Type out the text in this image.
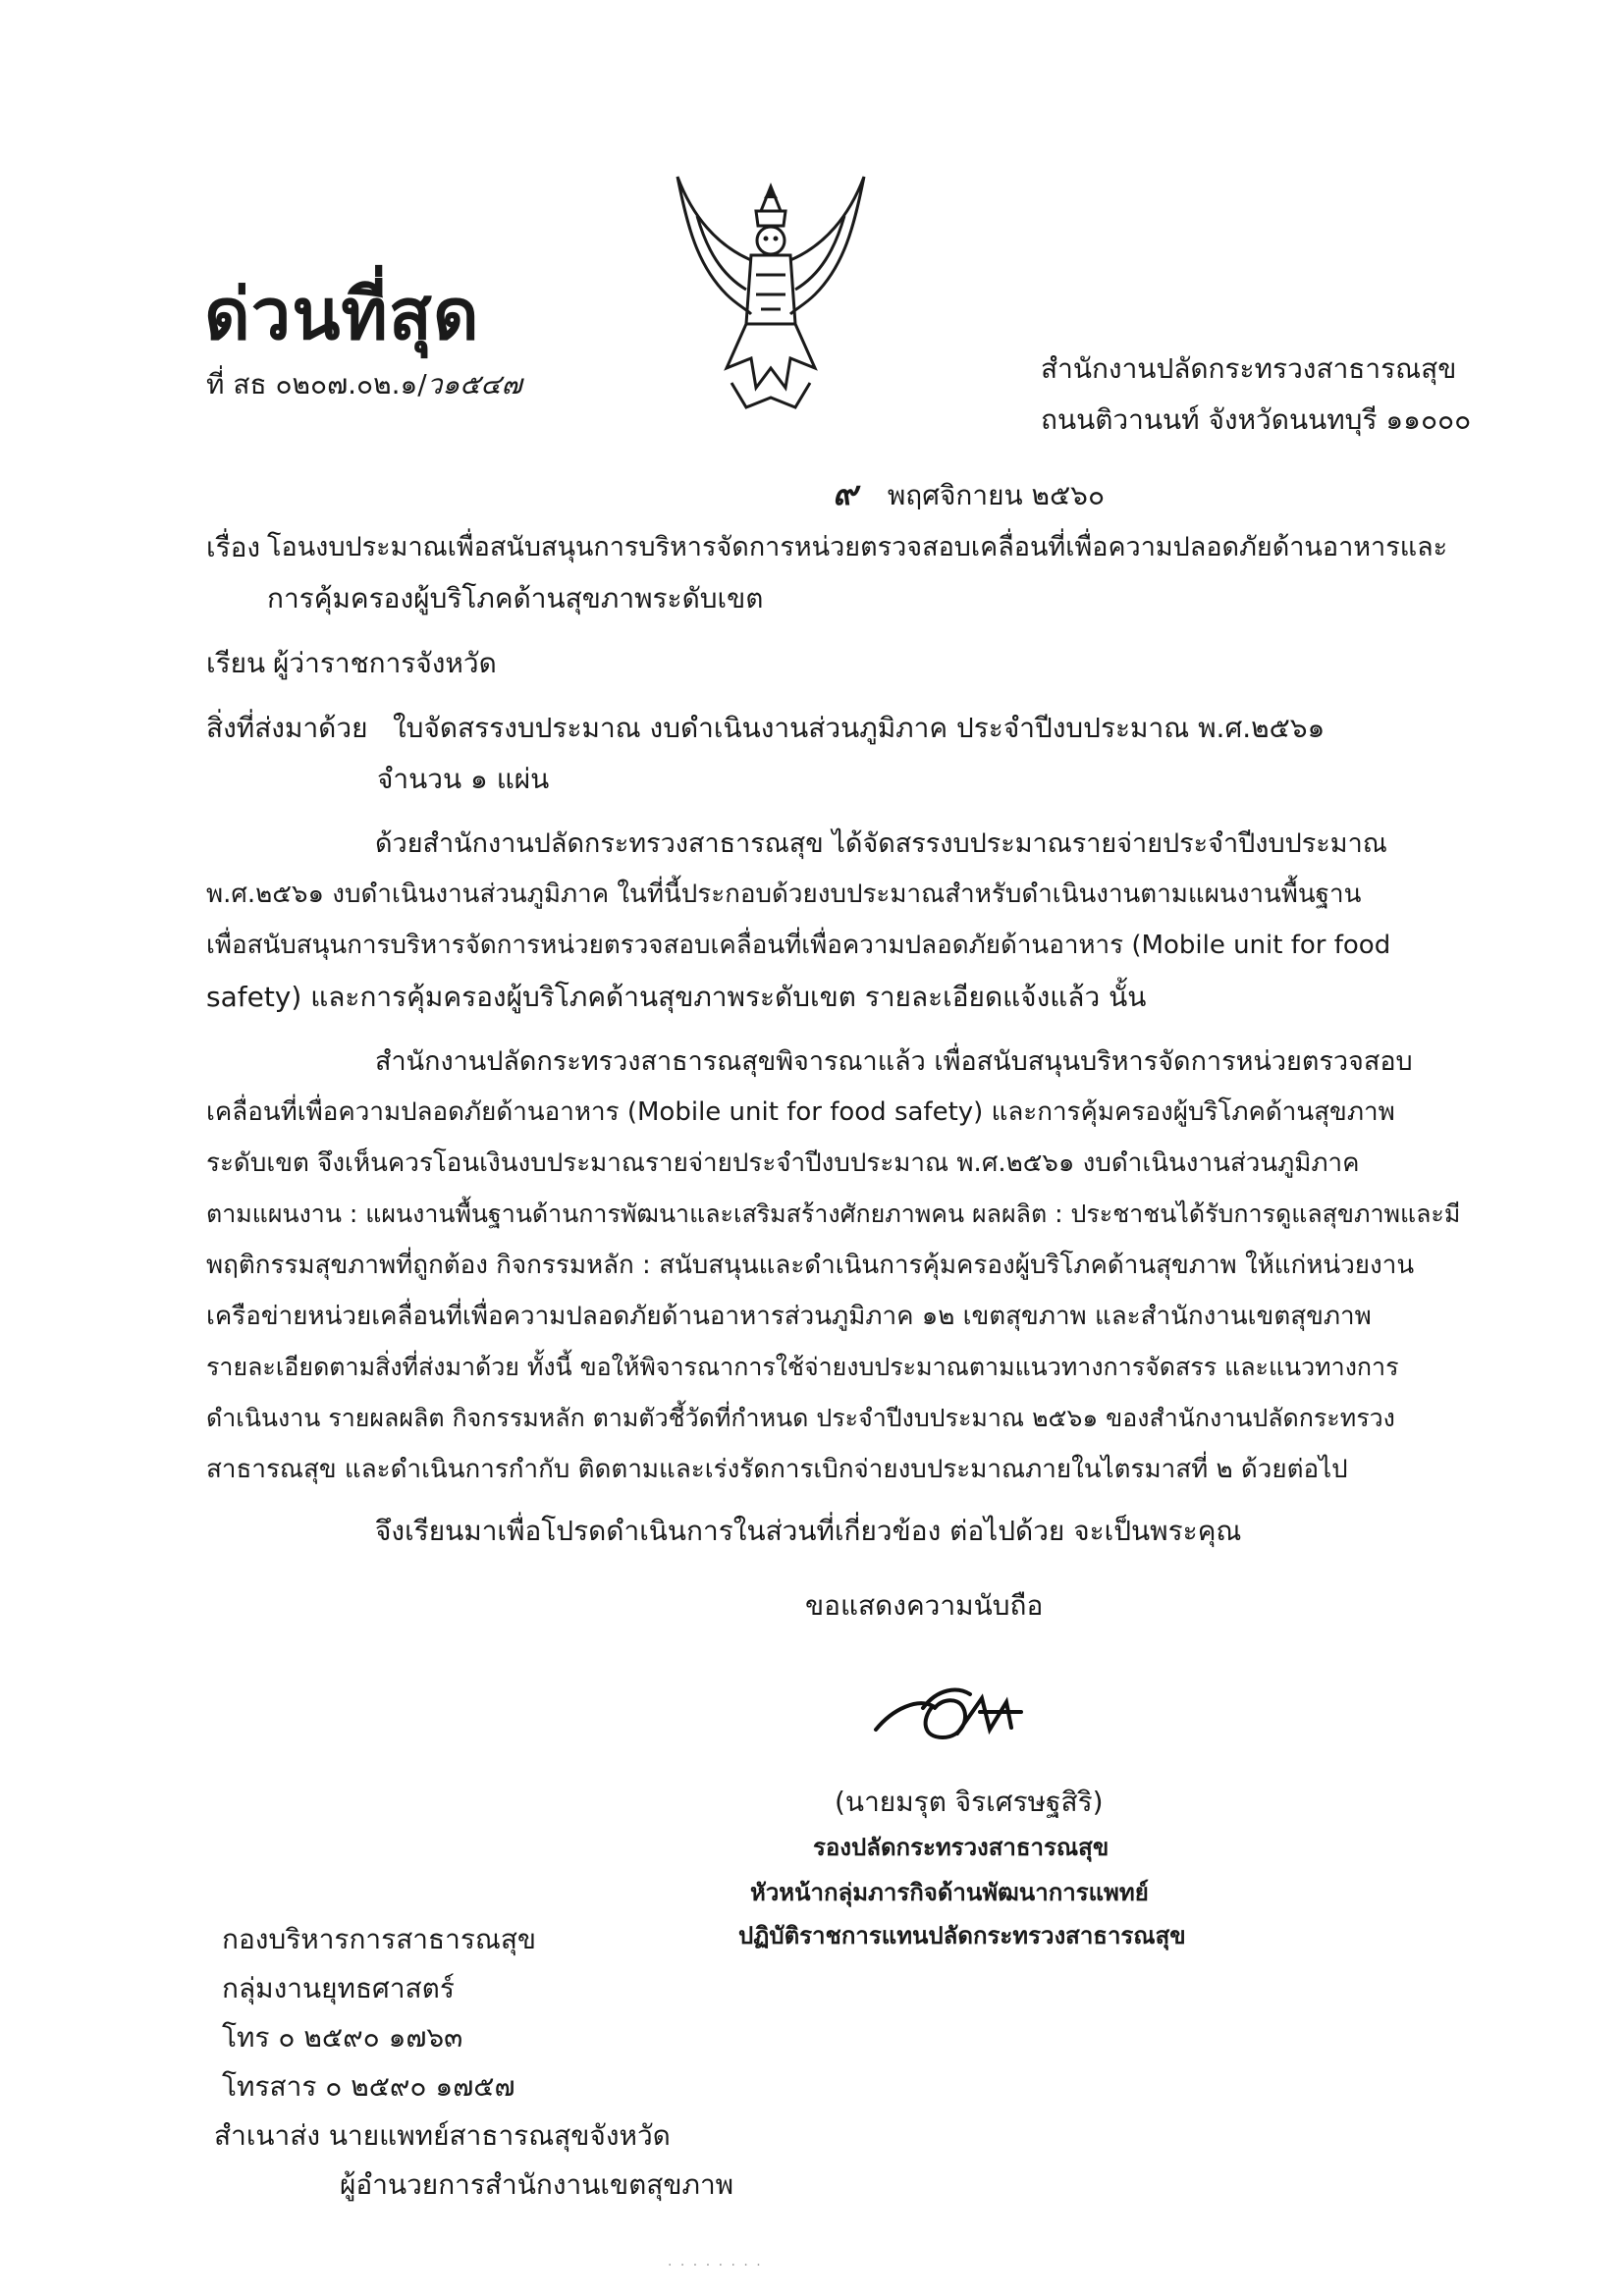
ด่วนที่สุด
ที่ สธ ๐๒๐๗.๐๒.๑/ว๑๕๔๗	สำนักงานปลัดกระทรวงสาธารณสุข
ถนนติวานนท์ จังหวัดนนทบุรี ๑๑๐๐๐
๙ พฤศจิกายน ๒๕๖๐
เรื่อง โอนงบประมาณเพื่อสนับสนุนการบริหารจัดการหน่วยตรวจสอบเคลื่อนที่เพื่อความปลอดภัยด้านอาหารและ
การคุ้มครองผู้บริโภคด้านสุขภาพระดับเขต
เรียน ผู้ว่าราชการจังหวัด
สิ่งที่ส่งมาด้วย ใบจัดสรรงบประมาณ งบดำเนินงานส่วนภูมิภาค ประจำปีงบประมาณ พ.ศ.๒๕๖๑
จำนวน ๑ แผ่น
ด้วยสำนักงานปลัดกระทรวงสาธารณสุข ได้จัดสรรงบประมาณรายจ่ายประจำปีงบประมาณ
พ.ศ.๒๕๖๑ งบดำเนินงานส่วนภูมิภาค ในที่นี้ประกอบด้วยงบประมาณสำหรับดำเนินงานตามแผนงานพื้นฐาน
เพื่อสนับสนุนการบริหารจัดการหน่วยตรวจสอบเคลื่อนที่เพื่อความปลอดภัยด้านอาหาร (Mobile unit for food
safety) และการคุ้มครองผู้บริโภคด้านสุขภาพระดับเขต รายละเอียดแจ้งแล้ว นั้น
สำนักงานปลัดกระทรวงสาธารณสุขพิจารณาแล้ว เพื่อสนับสนุนบริหารจัดการหน่วยตรวจสอบ
เคลื่อนที่เพื่อความปลอดภัยด้านอาหาร (Mobile unit for food safety) และการคุ้มครองผู้บริโภคด้านสุขภาพ
ระดับเขต จึงเห็นควรโอนเงินงบประมาณรายจ่ายประจำปีงบประมาณ พ.ศ.๒๕๖๑ งบดำเนินงานส่วนภูมิภาค
ตามแผนงาน : แผนงานพื้นฐานด้านการพัฒนาและเสริมสร้างศักยภาพคน ผลผลิต : ประชาชนได้รับการดูแลสุขภาพและมี
พฤติกรรมสุขภาพที่ถูกต้อง กิจกรรมหลัก : สนับสนุนและดำเนินการคุ้มครองผู้บริโภคด้านสุขภาพ ให้แก่หน่วยงาน
เครือข่ายหน่วยเคลื่อนที่เพื่อความปลอดภัยด้านอาหารส่วนภูมิภาค ๑๒ เขตสุขภาพ และสำนักงานเขตสุขภาพ
รายละเอียดตามสิ่งที่ส่งมาด้วย ทั้งนี้ ขอให้พิจารณาการใช้จ่ายงบประมาณตามแนวทางการจัดสรร และแนวทางการ
ดำเนินงาน รายผลผลิต กิจกรรมหลัก ตามตัวชี้วัดที่กำหนด ประจำปีงบประมาณ ๒๕๖๑ ของสำนักงานปลัดกระทรวง
สาธารณสุข และดำเนินการกำกับ ติดตามและเร่งรัดการเบิกจ่ายงบประมาณภายในไตรมาสที่ ๒ ด้วยต่อไป
จึงเรียนมาเพื่อโปรดดำเนินการในส่วนที่เกี่ยวข้อง ต่อไปด้วย จะเป็นพระคุณ
ขอแสดงความนับถือ
(นายมรุต จิรเศรษฐสิริ)
รองปลัดกระทรวงสาธารณสุข
หัวหน้ากลุ่มภารกิจด้านพัฒนาการแพทย์
ปฏิบัติราชการแทนปลัดกระทรวงสาธารณสุข
กองบริหารการสาธารณสุข
กลุ่มงานยุทธศาสตร์
โทร ๐ ๒๕๙๐ ๑๗๖๓
โทรสาร ๐ ๒๕๙๐ ๑๗๕๗
สำเนาส่ง นายแพทย์สาธารณสุขจังหวัด
ผู้อำนวยการสำนักงานเขตสุขภาพ
· · · · · · · ·
